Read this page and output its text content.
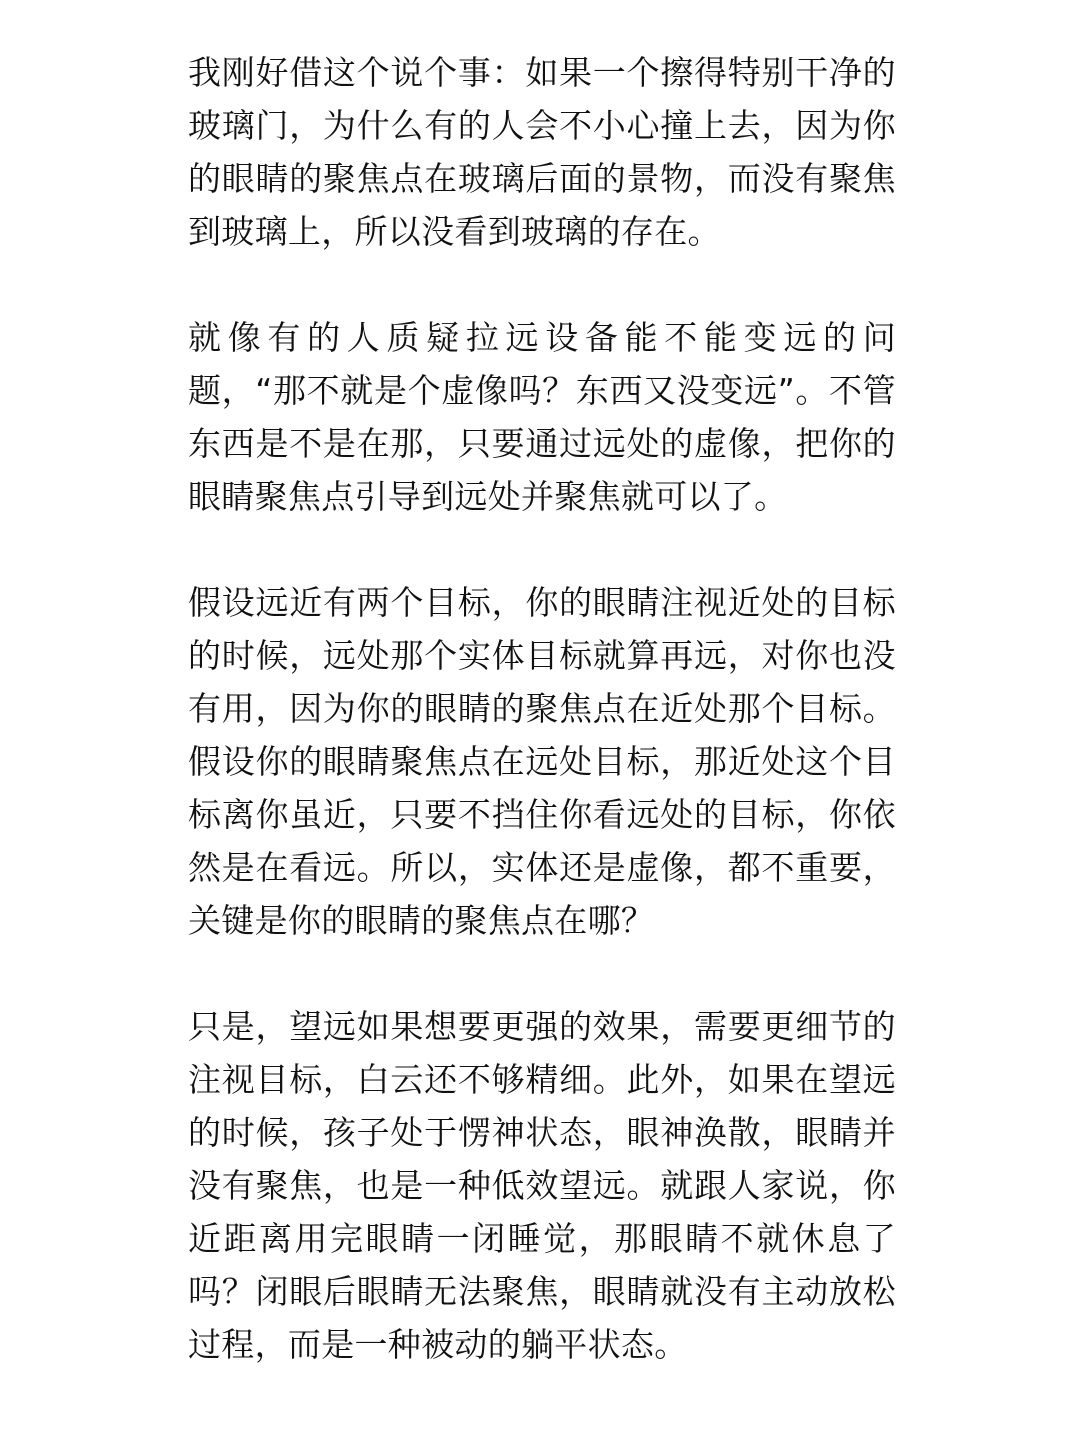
我刚好借这个说个事：如果一个擦得特别干净的玻璃门，为什么有的人会不小心撞上去，因为你的眼睛的聚焦点在玻璃后面的景物，而没有聚焦到玻璃上，所以没看到玻璃的存在。

就像有的人质疑拉远设备能不能变远的问题，“那不就是个虚像吗？东西又没变远”。不管东西是不是在那，只要通过远处的虚像，把你的眼睛聚焦点引导到远处并聚焦就可以了。

假设远近有两个目标，你的眼睛注视近处的目标的时候，远处那个实体目标就算再远，对你也没有用，因为你的眼睛的聚焦点在近处那个目标。假设你的眼睛聚焦点在远处目标，那近处这个目标离你虽近，只要不挡住你看远处的目标，你依然是在看远。所以，实体还是虚像，都不重要，关键是你的眼睛的聚焦点在哪？

只是，望远如果想要更强的效果，需要更细节的注视目标，白云还不够精细。此外，如果在望远的时候，孩子处于愣神状态，眼神涣散，眼睛并没有聚焦，也是一种低效望远。就跟人家说，你近距离用完眼睛一闭睡觉，那眼睛不就休息了吗？闭眼后眼睛无法聚焦，眼睛就没有主动放松过程，而是一种被动的躺平状态。
